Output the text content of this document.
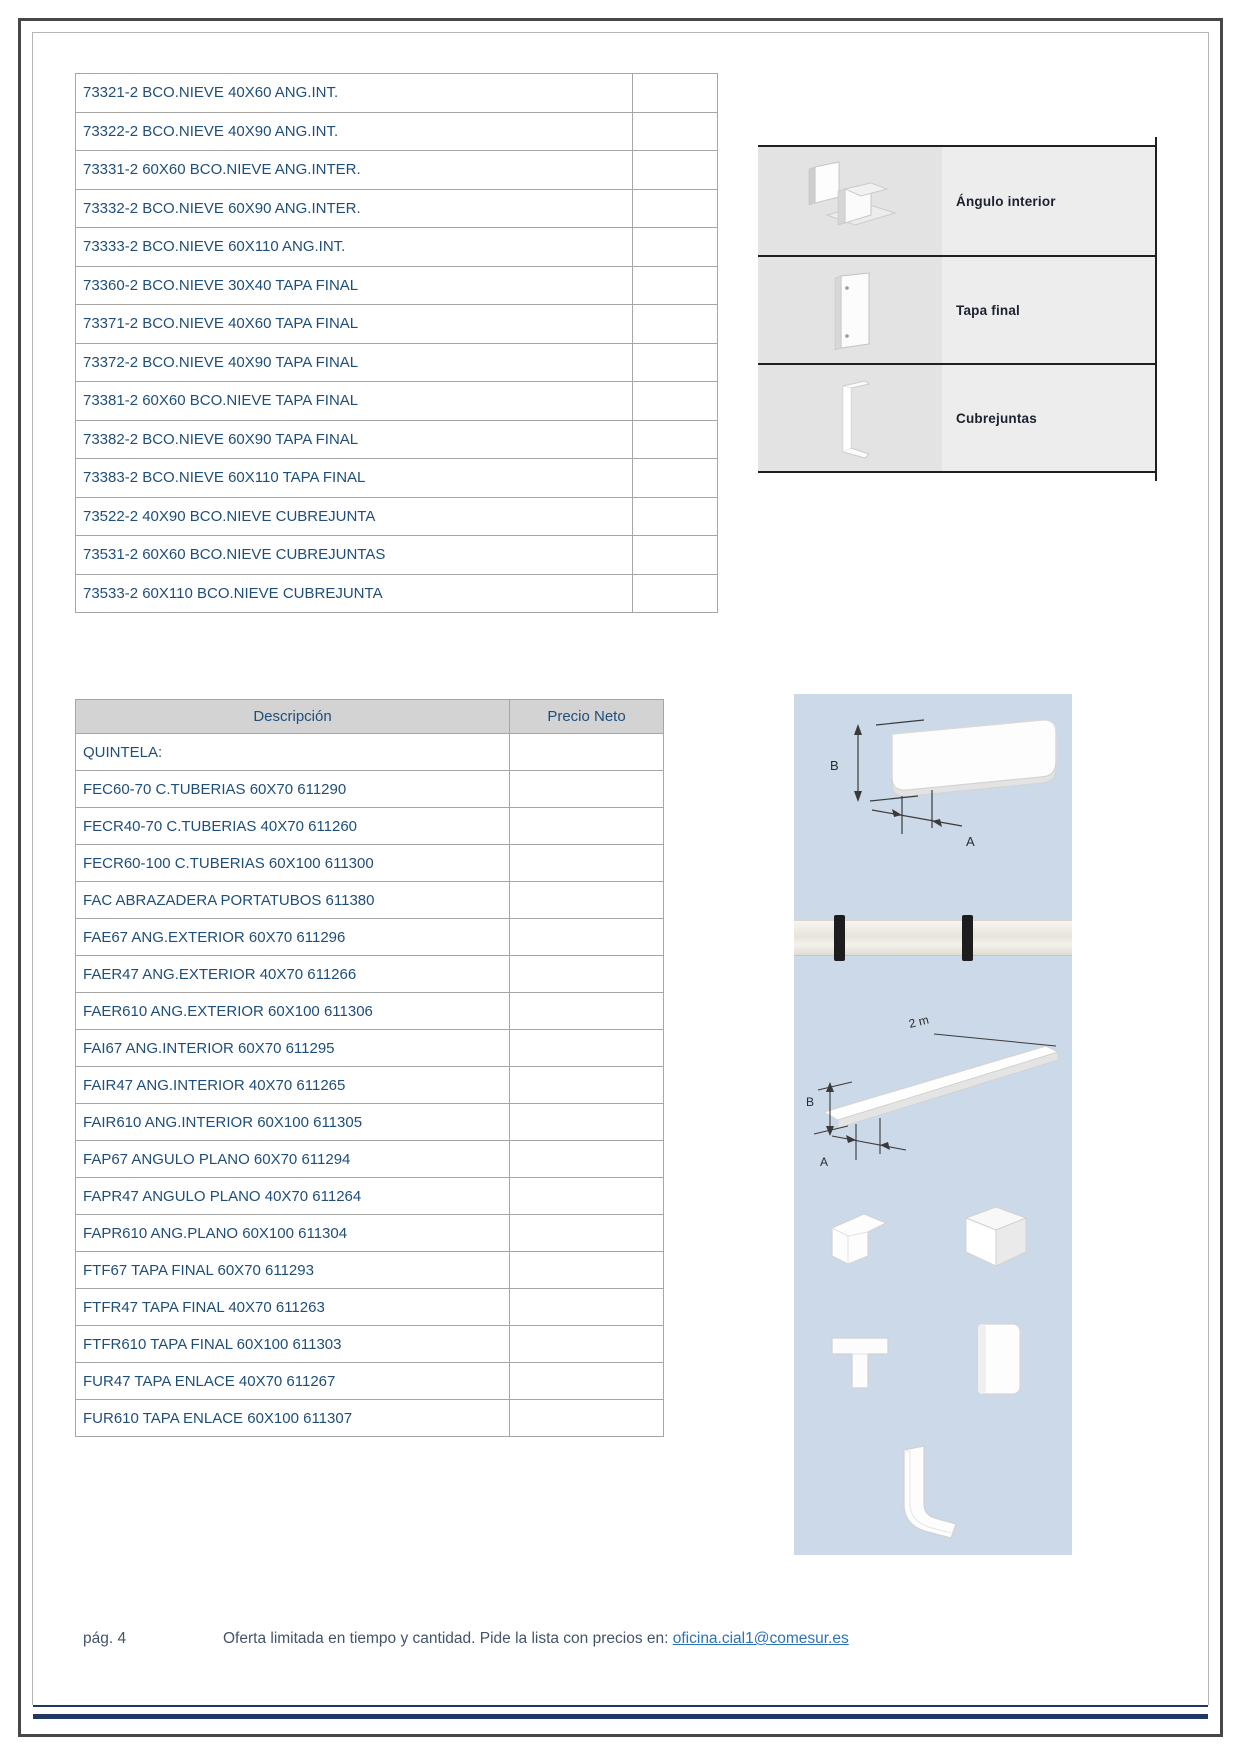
73321-2 BCO.NIEVE 40X60 ANG.INT.	
73322-2 BCO.NIEVE 40X90 ANG.INT.	
73331-2 60X60 BCO.NIEVE ANG.INTER.	
73332-2 BCO.NIEVE 60X90 ANG.INTER.	
73333-2 BCO.NIEVE 60X110 ANG.INT.	
73360-2 BCO.NIEVE 30X40 TAPA FINAL	
73371-2 BCO.NIEVE 40X60 TAPA FINAL	
73372-2 BCO.NIEVE 40X90 TAPA FINAL	
73381-2 60X60 BCO.NIEVE TAPA FINAL	
73382-2 BCO.NIEVE 60X90 TAPA FINAL	
73383-2 BCO.NIEVE 60X110 TAPA FINAL	
73522-2 40X90 BCO.NIEVE CUBREJUNTA	
73531-2 60X60 BCO.NIEVE CUBREJUNTAS	
73533-2 60X110 BCO.NIEVE CUBREJUNTA	
Ángulo interior
Tapa final
Cubrejuntas
Descripción	Precio Neto
QUINTELA:	
FEC60-70 C.TUBERIAS 60X70 611290	
FECR40-70 C.TUBERIAS 40X70 611260	
FECR60-100 C.TUBERIAS 60X100 611300	
FAC ABRAZADERA PORTATUBOS 611380	
FAE67 ANG.EXTERIOR 60X70 611296	
FAER47 ANG.EXTERIOR 40X70 611266	
FAER610 ANG.EXTERIOR 60X100 611306	
FAI67 ANG.INTERIOR 60X70 611295	
FAIR47 ANG.INTERIOR 40X70 611265	
FAIR610 ANG.INTERIOR 60X100 611305	
FAP67 ANGULO PLANO 60X70 611294	
FAPR47 ANGULO PLANO 40X70 611264	
FAPR610 ANG.PLANO 60X100 611304	
FTF67 TAPA FINAL 60X70 611293	
FTFR47 TAPA FINAL 40X70 611263	
FTFR610 TAPA FINAL 60X100 611303	
FUR47 TAPA ENLACE 40X70 611267	
FUR610 TAPA ENLACE 60X100 611307	
B
A
2 m
B
A
pág. 4	Oferta limitada en tiempo y cantidad. Pide la lista con precios en: oficina.cial1@comesur.es
